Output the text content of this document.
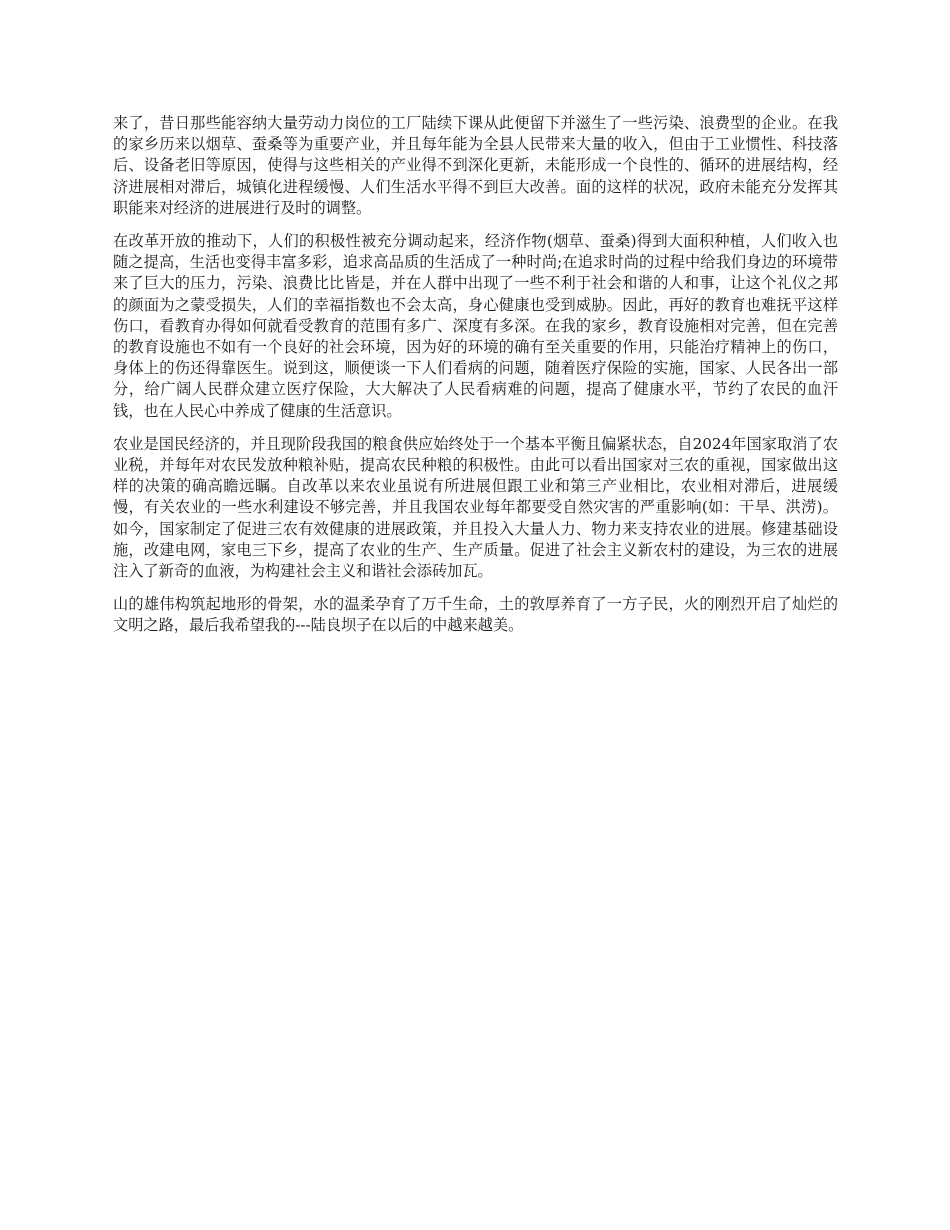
来了，昔日那些能容纳大量劳动力岗位的工厂陆续下课从此便留下并滋生了一些污染、浪费型的企业。在我的家乡历来以烟草、蚕桑等为重要产业，并且每年能为全县人民带来大量的收入，但由于工业惯性、科技落后、设备老旧等原因，使得与这些相关的产业得不到深化更新，未能形成一个良性的、循环的进展结构，经济进展相对滞后，城镇化进程缓慢、人们生活水平得不到巨大改善。面的这样的状况，政府未能充分发挥其职能来对经济的进展进行及时的调整。

在改革开放的推动下，人们的积极性被充分调动起来，经济作物(烟草、蚕桑)得到大面积种植，人们收入也随之提高，生活也变得丰富多彩，追求高品质的生活成了一种时尚;在追求时尚的过程中给我们身边的环境带来了巨大的压力，污染、浪费比比皆是，并在人群中出现了一些不利于社会和谐的人和事，让这个礼仪之邦的颜面为之蒙受损失，人们的幸福指数也不会太高，身心健康也受到威胁。因此，再好的教育也难抚平这样伤口，看教育办得如何就看受教育的范围有多广、深度有多深。在我的家乡，教育设施相对完善，但在完善的教育设施也不如有一个良好的社会环境，因为好的环境的确有至关重要的作用，只能治疗精神上的伤口，身体上的伤还得靠医生。说到这，顺便谈一下人们看病的问题，随着医疗保险的实施，国家、人民各出一部分，给广阔人民群众建立医疗保险，大大解决了人民看病难的问题，提高了健康水平，节约了农民的血汗钱，也在人民心中养成了健康的生活意识。

农业是国民经济的，并且现阶段我国的粮食供应始终处于一个基本平衡且偏紧状态，自2024年国家取消了农业税，并每年对农民发放种粮补贴，提高农民种粮的积极性。由此可以看出国家对三农的重视，国家做出这样的决策的确高瞻远瞩。自改革以来农业虽说有所进展但跟工业和第三产业相比，农业相对滞后，进展缓慢，有关农业的一些水利建设不够完善，并且我国农业每年都要受自然灾害的严重影响(如：干旱、洪涝)。如今，国家制定了促进三农有效健康的进展政策，并且投入大量人力、物力来支持农业的进展。修建基础设施，改建电网，家电三下乡，提高了农业的生产、生产质量。促进了社会主义新农村的建设，为三农的进展注入了新奇的血液，为构建社会主义和谐社会添砖加瓦。

山的雄伟构筑起地形的骨架，水的温柔孕育了万千生命，土的敦厚养育了一方子民，火的刚烈开启了灿烂的文明之路，最后我希望我的---陆良坝子在以后的中越来越美。
